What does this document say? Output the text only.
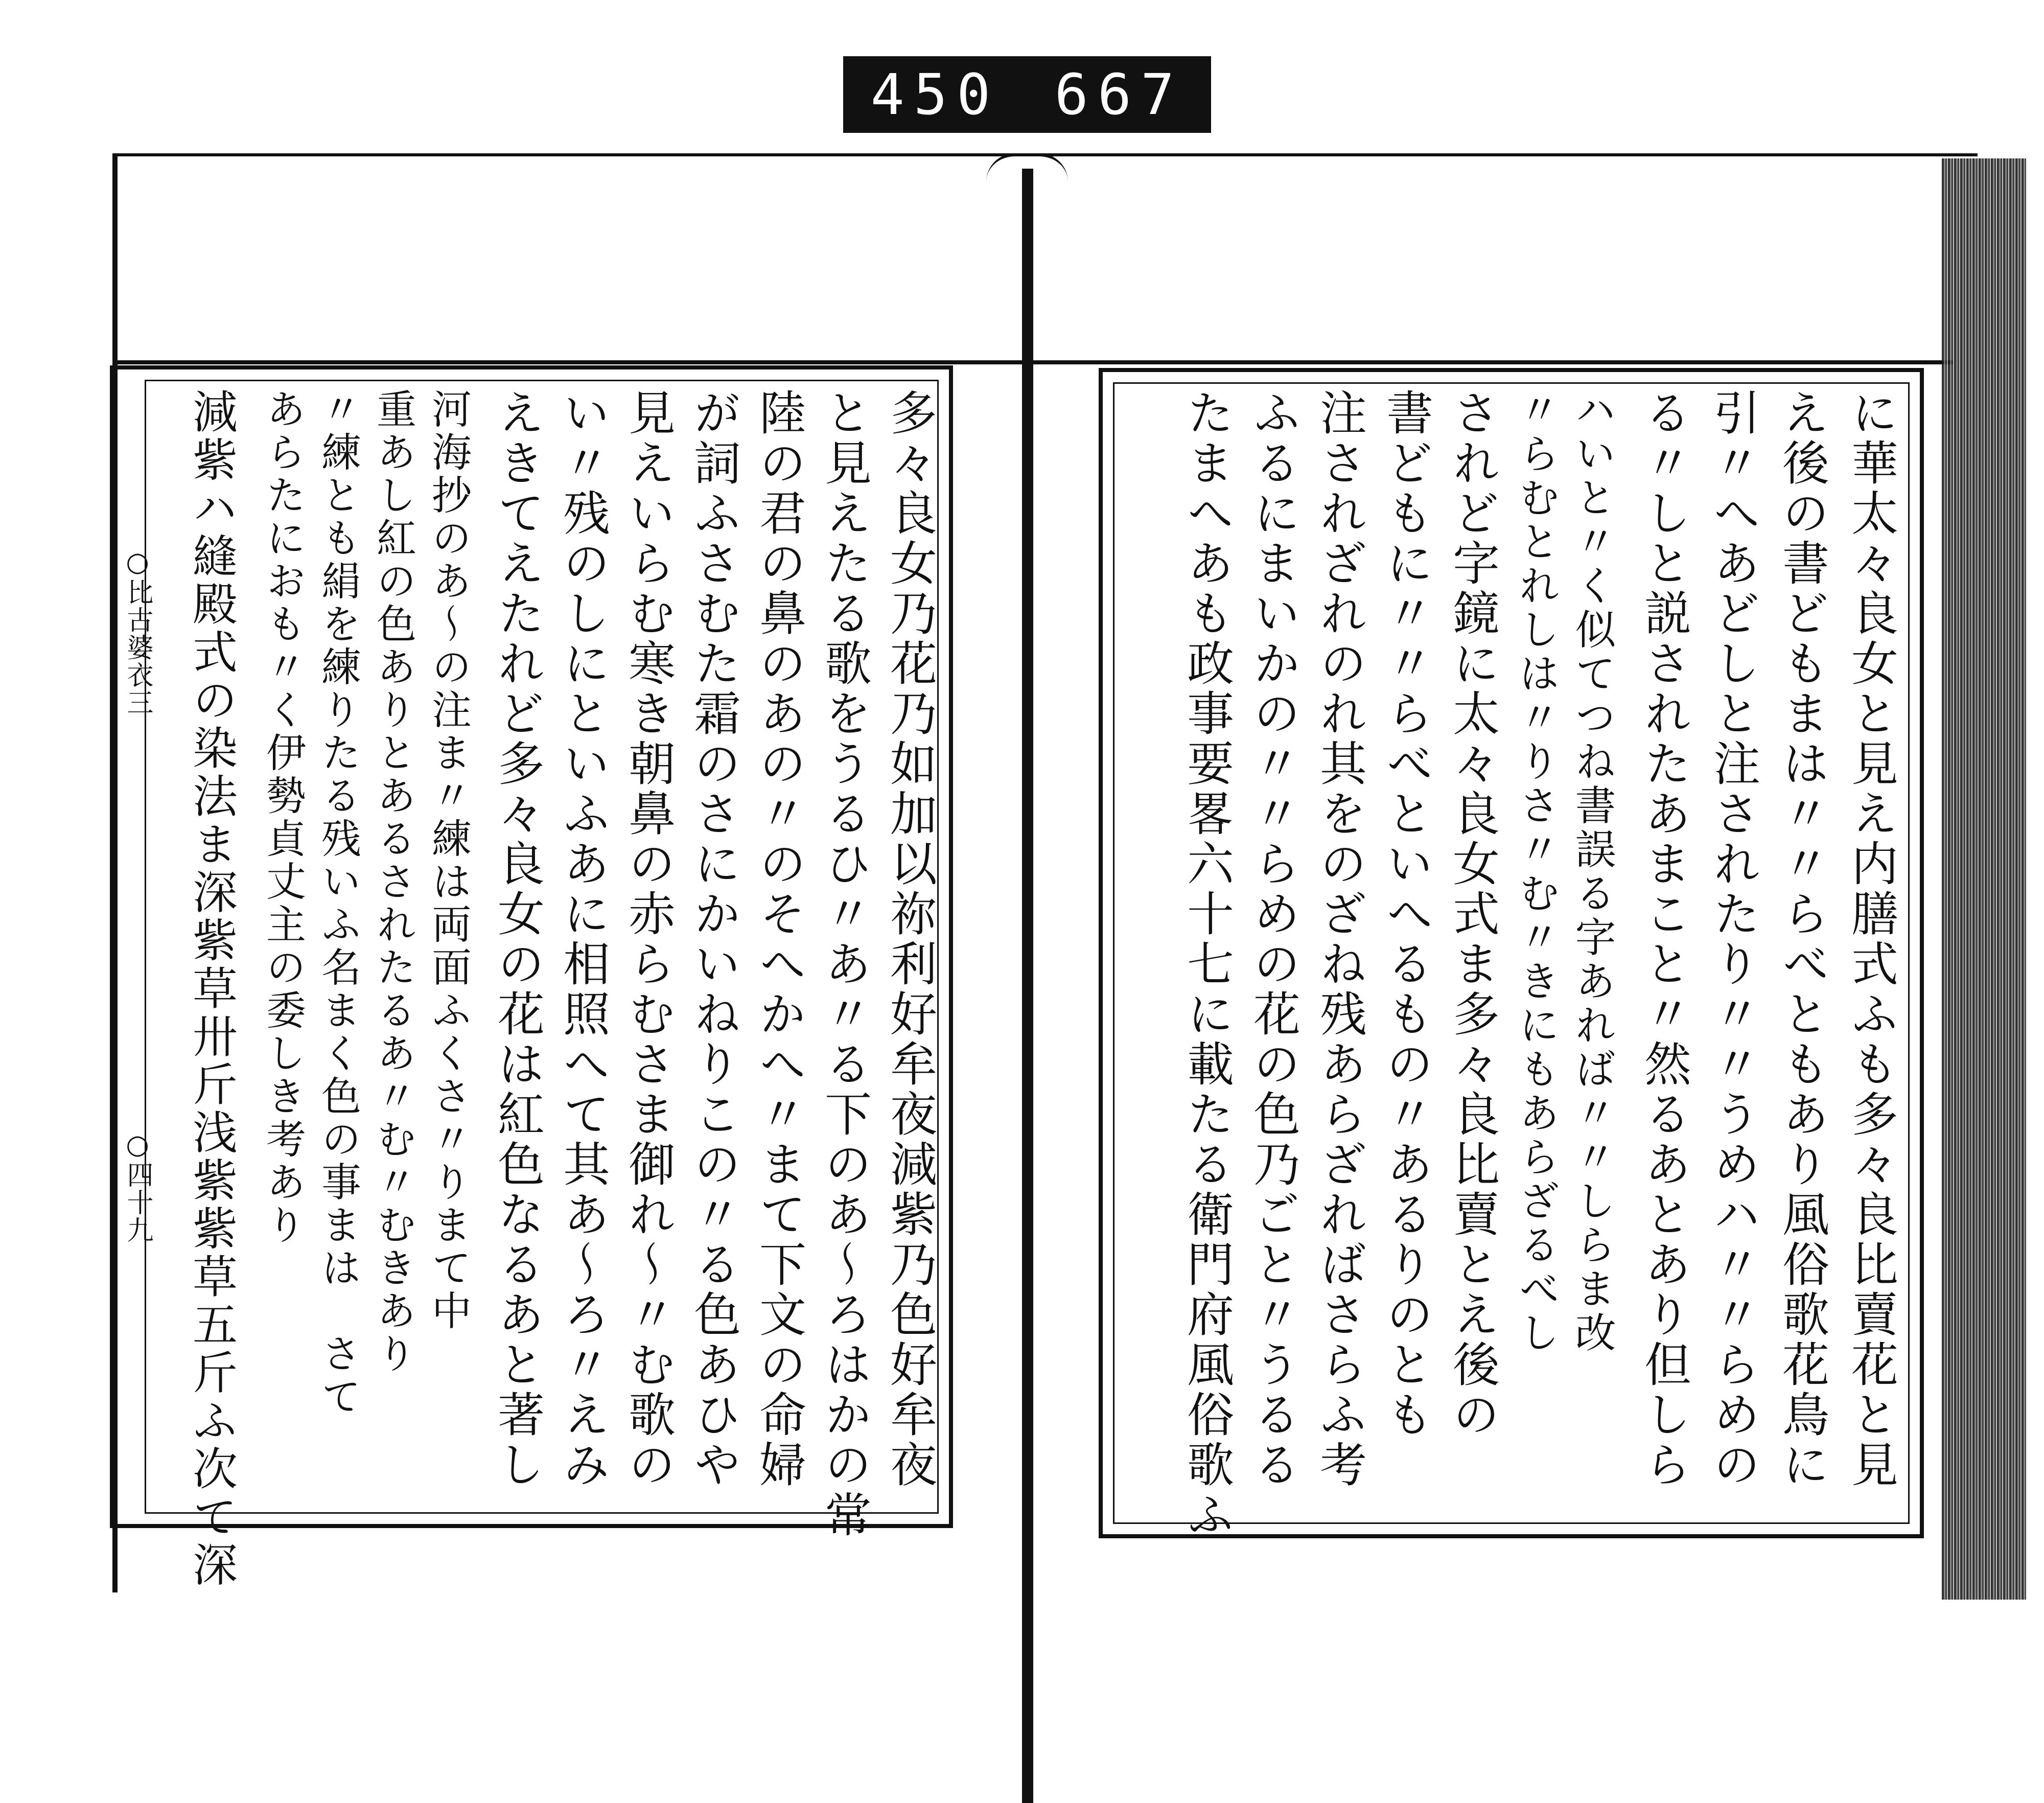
450 667
○比古婆衣三
○四十九	多々良女乃花乃如加以祢利好牟夜減紫乃色好牟夜
と見えたる歌をうるひ〃あ〃る下のあ〜ろはかの常
陸の君の鼻のあの〃のそへかへ〃まて下文の命婦
が詞ふさむた霜のさにかいねりこの〃る色あひや
見えいらむ寒き朝鼻の赤らむさま御れ〜〃む歌の
い〃残のしにといふあに相照へて其あ〜ろ〃えみ
えきてえたれど多々良女の花は紅色なるあと著し
河海抄のあ〜の注ま〃練は両面ふくさ〃りまて中
重あし紅の色ありとあるされたるあ〃む〃むきあり
〃練とも絹を練りたる残いふ名まく色の事まは　さて
あらたにおも〃く伊勢貞丈主の委しき考あり
減紫ハ縫殿式の染法ま深紫草卅斤浅紫紫草五斤ふ次て深	に華太々良女と見え内膳式ふも多々良比賣花と見
え後の書どもまは〃〃らべともあり風俗歌花鳥に
引〃へあどしと注されたり〃〃うめハ〃〃らめの
る〃しと説されたあまこと〃然るあとあり但しら
ハいと〃く似てつね書誤る字あれば〃〃しらま改
〃らむとれしは〃りさ〃む〃きにもあらざるべし
されど字鏡に太々良女式ま多々良比賣とえ後の
書どもに〃〃らべといへるもの〃あるりのとも
注されざれのれ其をのざね残あらざればさらふ考
ふるにまいかの〃〃らめの花の色乃ごと〃うるる
たまへあも政事要畧六十七に載たる衛門府風俗歌ふ
